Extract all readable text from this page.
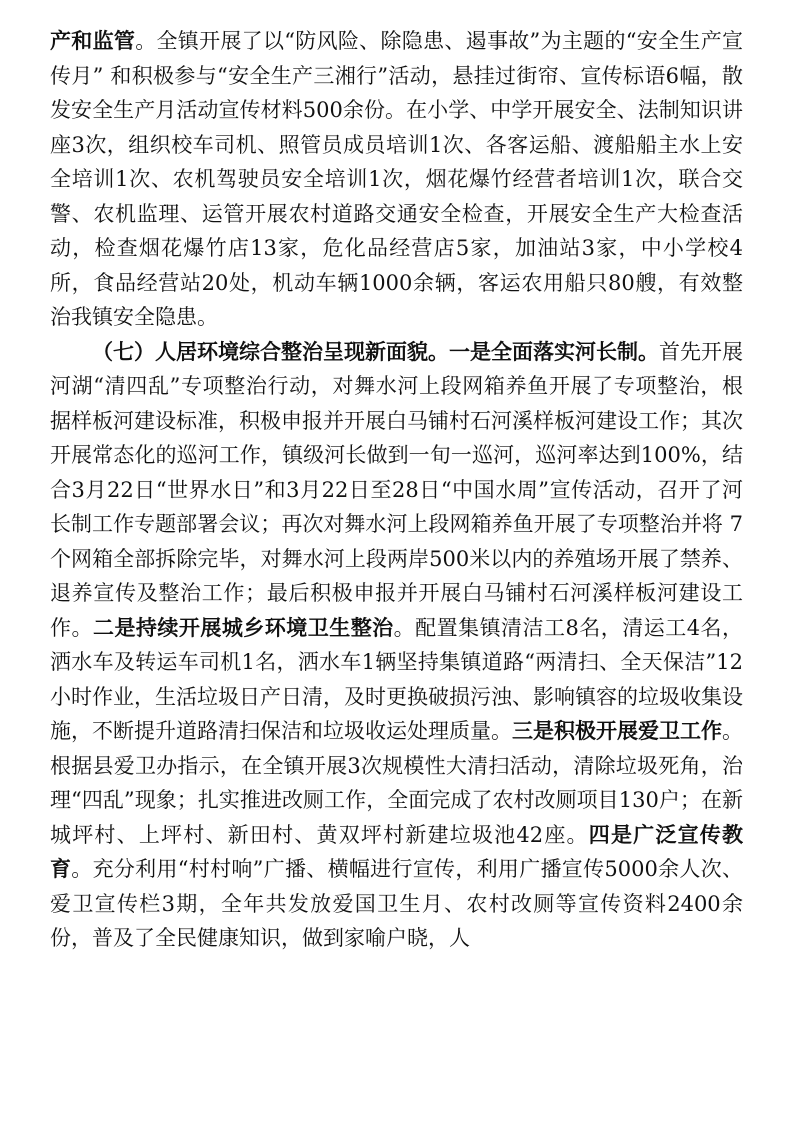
产和监管。全镇开展了以“防风险、除隐患、遏事故”为主题的“安全生产宣传月” 和积极参与“安全生产三湘行”活动，悬挂过街帘、宣传标语6幅，散发安全生产月活动宣传材料500余份。在小学、中学开展安全、法制知识讲座3次，组织校车司机、照管员成员培训1次、各客运船、渡船船主水上安全培训1次、农机驾驶员安全培训1次，烟花爆竹经营者培训1次，联合交警、农机监理、运管开展农村道路交通安全检查，开展安全生产大检查活动，检查烟花爆竹店13家，危化品经营店5家，加油站3家，中小学校4所，食品经营站20处，机动车辆1000余辆，客运农用船只80艘，有效整治我镇安全隐患。

（七）人居环境综合整治呈现新面貌。一是全面落实河长制。首先开展河湖“清四乱”专项整治行动，对舞水河上段网箱养鱼开展了专项整治，根据样板河建设标准，积极申报并开展白马铺村石河溪样板河建设工作；其次开展常态化的巡河工作，镇级河长做到一旬一巡河，巡河率达到100%，结合3月22日“世界水日”和3月22日至28日“中国水周”宣传活动，召开了河长制工作专题部署会议；再次对舞水河上段网箱养鱼开展了专项整治并将 7个网箱全部拆除完毕，对舞水河上段两岸500米以内的养殖场开展了禁养、退养宣传及整治工作；最后积极申报并开展白马铺村石河溪样板河建设工作。二是持续开展城乡环境卫生整治。配置集镇清洁工8名，清运工4名，洒水车及转运车司机1名，洒水车1辆坚持集镇道路“两清扫、全天保洁”12小时作业，生活垃圾日产日清，及时更换破损污浊、影响镇容的垃圾收集设施，不断提升道路清扫保洁和垃圾收运处理质量。三是积极开展爱卫工作。根据县爱卫办指示，在全镇开展3次规模性大清扫活动，清除垃圾死角，治理“四乱”现象；扎实推进改厕工作，全面完成了农村改厕项目130户；在新城坪村、上坪村、新田村、黄双坪村新建垃圾池42座。四是广泛宣传教育。充分利用“村村响”广播、横幅进行宣传，利用广播宣传5000余人次、爱卫宣传栏3期，全年共发放爱国卫生月、农村改厕等宣传资料2400余份，普及了全民健康知识，做到家喻户晓，人
